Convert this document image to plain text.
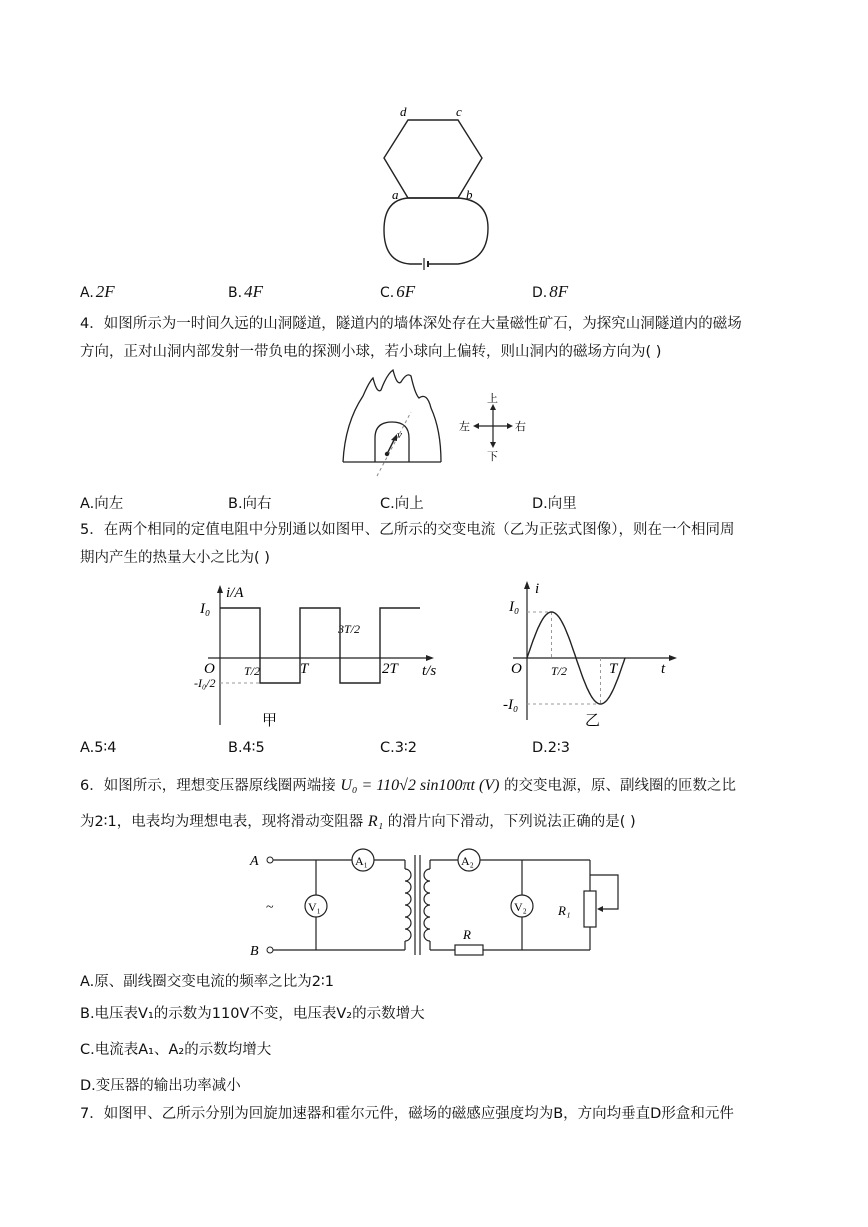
d	c
a	b
A. 2F	B. 4F	C. 6F	D. 8F
4．如图所示为一时间久远的山洞隧道，隧道内的墙体深处存在大量磁性矿石，为探究山洞隧道内的磁场
方向，正对山洞内部发射一带负电的探测小球，若小球向上偏转，则山洞内的磁场方向为( )
v
上
下
左	右
A.向左	B.向右	C.向上	D.向里
5．在两个相同的定值电阻中分别通以如图甲、乙所示的交变电流（乙为正弦式图像），则在一个相同周
期内产生的热量大小之比为( )
i/A
t/s
O
I₀
-I₀/2
T/2	T
3T/2
2T
甲
i
t
O
I₀
-I₀
T/2	T
乙
A.5∶4	B.4∶5	C.3∶2	D.2∶3
6．如图所示，理想变压器原线圈两端接 U₀ = 110√2 sin100πt (V) 的交变电源，原、副线圈的匝数之比
为2∶1，电表均为理想电表，现将滑动变阻器 R₁ 的滑片向下滑动，下列说法正确的是( )
A
B
~
A₁
V₁
A₂
R
V₂ R₁
A.原、副线圈交变电流的频率之比为2∶1
B.电压表V₁的示数为110V不变，电压表V₂的示数增大
C.电流表A₁、A₂的示数均增大
D.变压器的输出功率减小
7．如图甲、乙所示分别为回旋加速器和霍尔元件，磁场的磁感应强度均为B，方向均垂直D形盒和元件
